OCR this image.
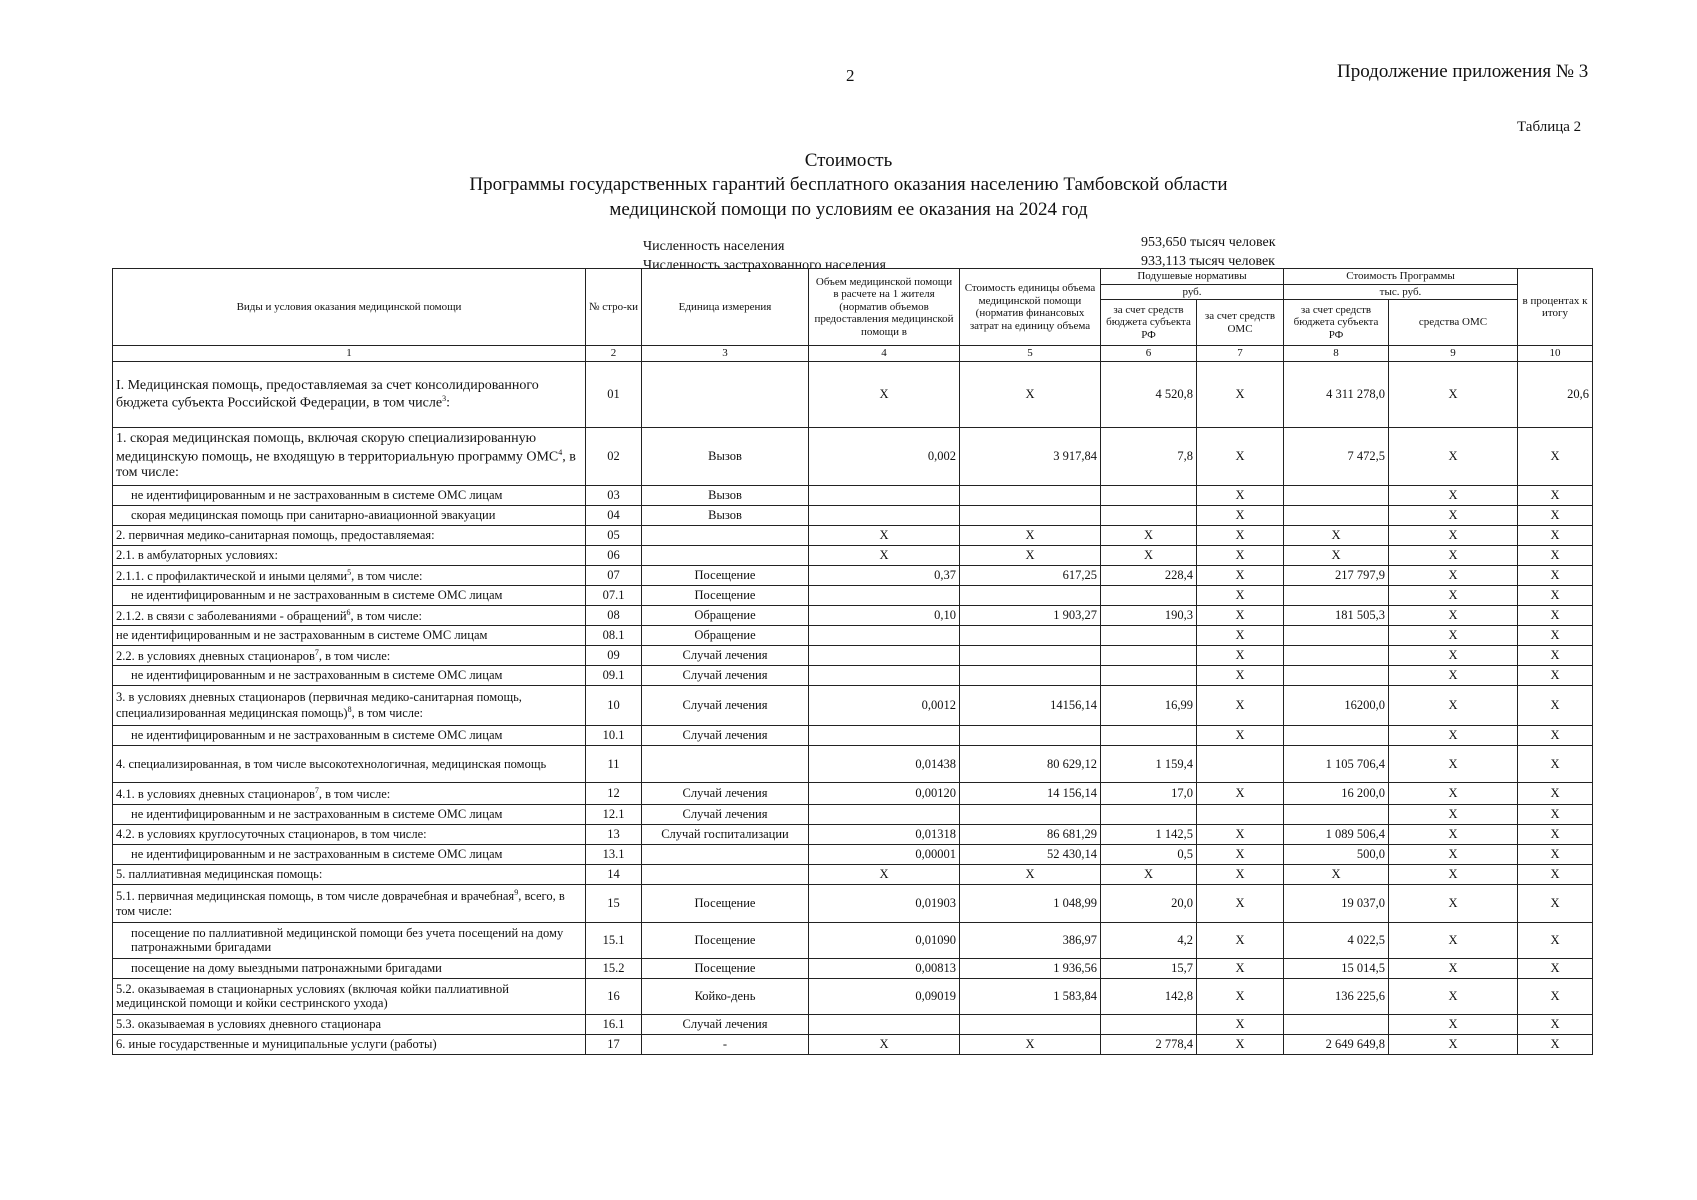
2	Продолжение приложения № 3
Таблица 2
Стоимость
Программы государственных гарантий бесплатного оказания населению Тамбовской области
медицинской помощи по условиям ее оказания на 2024 год
Численность населения	953,650 тысяч человек
Численность застрахованного населения	933,113 тысяч человек
Виды и условия оказания медицинской помощи	№ стро-ки	Единица измерения	Объем медицинской помощи в расчете на 1 жителя (норматив объемов предоставления медицинской помощи в	Стоимость единицы объема медицинской помощи (норматив финансовых затрат на единицу объема	Подушевые нормативы		Стоимость Программы		в процентах к итогу
					руб.		тыс. руб.		
					за счет средств бюджета субъекта РФ	за счет средств ОМС	за счет средств бюджета субъекта РФ	средства ОМС	
1	2	3	4	5	6	7	8	9	10
I. Медицинская помощь, предоставляемая за счет консолидированного бюджета субъекта Российской Федерации, в том числе$^3$:	01		X	X	4 520,8	X	4 311 278,0	X	20,6
1. скорая медицинская помощь, включая скорую специализированную медицинскую помощь, не входящую в территориальную программу ОМС$^4$, в том числе:	02	Вызов	0,002	3 917,84	7,8	X	7 472,5	X	X
не идентифицированным и не застрахованным в системе ОМС лицам	03	Вызов				X		X	X
скорая медицинская помощь при санитарно-авиационной эвакуации	04	Вызов				X		X	X
2. первичная медико-санитарная помощь, предоставляемая:	05		X	X	X	X	X	X	X
2.1. в амбулаторных условиях:	06		X	X	X	X	X	X	X
2.1.1. с профилактической и иными целями$^5$, в том числе:	07	Посещение	0,37	617,25	228,4	X	217 797,9	X	X
не идентифицированным и не застрахованным в системе ОМС лицам	07.1	Посещение				X		X	X
2.1.2. в связи с заболеваниями - обращений$^6$, в том числе:	08	Обращение	0,10	1 903,27	190,3	X	181 505,3	X	X
не идентифицированным и не застрахованным в системе ОМС лицам	08.1	Обращение				X		X	X
2.2. в условиях дневных стационаров$^7$, в том числе:	09	Случай лечения				X		X	X
не идентифицированным и не застрахованным в системе ОМС лицам	09.1	Случай лечения				X		X	X
3. в условиях дневных стационаров (первичная медико-санитарная помощь, специализированная медицинская помощь)$^8$, в том числе:	10	Случай лечения	0,0012	14156,14	16,99	X	16200,0	X	X
не идентифицированным и не застрахованным в системе ОМС лицам	10.1	Случай лечения				X		X	X
4. специализированная, в том числе высокотехнологичная, медицинская помощь	11		0,01438	80 629,12	1 159,4		1 105 706,4	X	X
4.1. в условиях дневных стационаров$^7$, в том числе:	12	Случай лечения	0,00120	14 156,14	17,0	X	16 200,0	X	X
не идентифицированным и не застрахованным в системе ОМС лицам	12.1	Случай лечения						X	X
4.2. в условиях круглосуточных стационаров, в том числе:	13	Случай госпитализации	0,01318	86 681,29	1 142,5	X	1 089 506,4	X	X
не идентифицированным и не застрахованным в системе ОМС лицам	13.1		0,00001	52 430,14	0,5	X	500,0	X	X
5. паллиативная медицинская помощь:	14		X	X	X	X	X	X	X
5.1. первичная медицинская помощь, в том числе доврачебная и врачебная$^9$, всего, в том числе:	15	Посещение	0,01903	1 048,99	20,0	X	19 037,0	X	X
посещение по паллиативной медицинской помощи без учета посещений на дому патронажными бригадами	15.1	Посещение	0,01090	386,97	4,2	X	4 022,5	X	X
посещение на дому выездными патронажными бригадами	15.2	Посещение	0,00813	1 936,56	15,7	X	15 014,5	X	X
5.2. оказываемая в стационарных условиях (включая койки паллиативной медицинской помощи и койки сестринского ухода)	16	Койко-день	0,09019	1 583,84	142,8	X	136 225,6	X	X
5.3. оказываемая в условиях дневного стационара	16.1	Случай лечения				X		X	X
6. иные государственные и муниципальные услуги (работы)	17	-	X	X	2 778,4	X	2 649 649,8	X	X
